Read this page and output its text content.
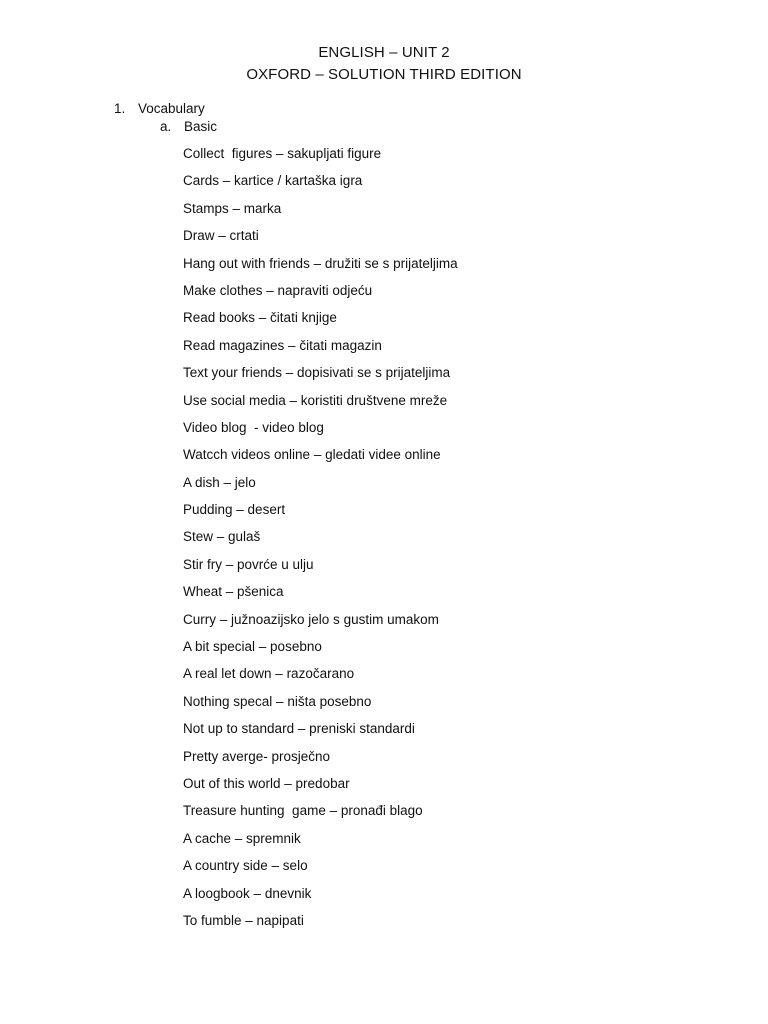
ENGLISH – UNIT 2
OXFORD – SOLUTION THIRD EDITION
1. Vocabulary
a. Basic
Collect  figures – sakupljati figure
Cards – kartice / kartaška igra
Stamps – marka
Draw – crtati
Hang out with friends – družiti se s prijateljima
Make clothes – napraviti odjeću
Read books – čitati knjige
Read magazines – čitati magazin
Text your friends – dopisivati se s prijateljima
Use social media – koristiti društvene mreže
Video blog  - video blog
Watcch videos online – gledati videe online
A dish – jelo
Pudding – desert
Stew – gulaš
Stir fry – povrće u ulju
Wheat – pšenica
Curry – južnoazijsko jelo s gustim umakom
A bit special – posebno
A real let down – razočarano
Nothing specal – ništa posebno
Not up to standard – preniski standardi
Pretty averge- prosječno
Out of this world – predobar
Treasure hunting  game – pronađi blago
A cache – spremnik
A country side – selo
A loogbook – dnevnik
To fumble – napipati
